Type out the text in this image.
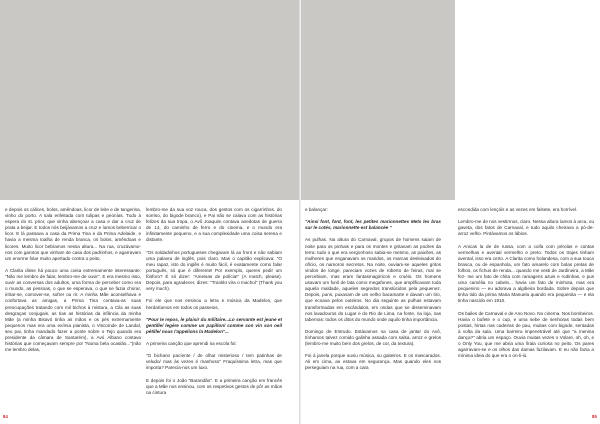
e depois os cálices, bolos, amêndoas, licor de leite e de tangerina, vinho do porto. A sala enfeitada com tulipas e peonías. Tudo à espera do st. prior, que vinha abençoar a casa e dar a cruz de prata a beijar. E todos nós beijávamos a cruz e íamos beberricar o licor. E lá passava a casa da Prima Tina e da Prima Adelaide, e havia a mesma toalha de renda branca, os bolos, amêndoas e licores. Muito licor bebíamos nessa altura... Na rua, cruzávamo-nos com garotos que vinham de casa dos padrinhos, e agarravam um enorme folar muito apertado contra o peito.

A Clarita disse há pouco uma coisa extremamente interessante: "Não me lembro de falar, lembro-me de ouvir". E era mesmo isso, ouvir as conversas dos adultos, uma forma de perceber como era o mundo, as pessoas, o que se esperava, o que se fazia chorar, irritar-se, comover-se, sofrer ou rir. A minha Mãe aconselhava e confortava as amigas, a Prima Tina contava-as suas preocupações tratando com mil bichos à mistura, a Cila as suas desgraças conjugais, as tias as histórias da infância da minha Mãe (a minha Bisavó tinha as mãos e os pés extremamente pequenos mas era uma exímia pianista, o Viscomde de Landal, seu pai, tinha mandado fazer a ponte sobre o Tejo quando era presidente da câmara de Santarém), a Avó Albano contava histórias que começavam sempre por "Numa bela ocasião..."(não me lembro delas,

lembro-me da sua voz rouca, dos gestos com os cigarrinhos, do sorriso, do bigode branco), e Pai não se calava com as histórias felizes da sua tropa, o Avô Joaquim contava anedotas de guerra de 14, do caminho de ferro e do cinema, e o mundo era infinitamente pequeno, e a sua complexidade uma coisa serena e distante.

"Os soldadinhos portugueses chegavam lá ao front e não sabiam uma palavra de inglês, pois claro. Mas o capitão explicava: "O meu rapaz, isto do inglês é muito fácil, é exatamente como falar português, só que é diferente! Por exemplo, queres pedir um fósforo? É só dizer: "Ameisas de polícia!" (A match, please). Depois, para agradecer, dizes: "Tranklü vira o machol" (Thank you very much).

Foi ele que nos ensinou a letra e música da Madelon, que herdaríamos em todos os passeios,

"Pour le repos, le plaisir du militaire...Lo servante est jeune et gentille/ legère comme un papillon/ comme son vin son oeil pétille/ nous l'appelions la Madelon"...

A primeira canção que aprendi na escola foi:

"O bichano pacíente / de olhar misterioso / tem patinhas de veludo/ mas às vezes é manhoso" Fraquíssima letra, mas que importa? Parecia-nos um luxo.

E depois foi o João "Barandão". E a primeira canção em francês que a Mãe nos ensinou, com os respetivos gestos de pôr as mãos na cintura

84

e balançar:

"Ainsi font, font, font, les petites marionnettes Mets les bras sur le cotés, marionnette est balancée "

As pulhas. Na altura do Carnaval, grupos de homens saiam de noite para os pinhais e para os montes e gritavam as podres da terra: tudo o que era vergonhoso sabia-se mesmo, as paixões, as mulheres que enganavam os maridos, os marcas desleixados do ofício, os namoros secretos. Na noite, ouviam-se aqueles gritos vindos de longe, pareciam vozes de roberto de feiras, mal se percebiam, mas eram fantasmagóricos e cruéis. Os homens usavam um funil de lata como megafones, que amplificavam toda aquela maldade, aqueles segredos translúcidos pela pequenez. Depois, puns, puxavam de um velho bacamarte e davam um tiro, que ecoava pelos outeiros. No dia seguinte as pulhas estavam transformadas em escândalos, em ondas que se disseminavam nos lavadouros do Lugar e do Rio de Lima, na fonte, na loja, nas tabernas: todos os ditos do mundo onde aquilo tinha importância.

Domingo de Entrudo. Estávamos na casa de jantar do Avô, tínhamos talvez comido galinha assada com salsa, arroz e grelos (lembro-me muito bem dos grelos, de cor, da textura).

Foi à janela porque ouviu música, ou gaiteiros. E os mascarados. Ali em cima, ao estava em segurança. Mas quando eles nos perseguiam na rua, com a cara

escondida com lençóis e as vezes em falsete, era horrível.

Lembro-me de nos vestirmos, claro. Nessa altura íamos à arca, ou gaveta, dos fatos de Carnaval, e tudo aquilo cheirava a pó-de-arroz velho. Pintávamos os lábios.

A Anicas la de de russa, com a coifa com pérolas e contas vermelhas e avental vermelho e preto. Todos os trajes tinham avental, isso era certo. A Clarita como holandesa, com a sua touca branca, ou de espanhola, um fato amarelo com bolas pretas de folhos, os fichus de renda... quando me vesti de Jardineira, a Mãe fez- me um fato de chita com ramagens azuis e rodinhas, e pus uma camélia no cabelo... havia um fato de minhota, mas era pequenino — eu adorava a algibeira bordada. Sobre depois que tinha tido da prima Maria Manuela quando era pequenita — e ela tinha nascido em 1910.

Os bailes de Carnaval e de Ano Novo. No cinema. Nos bombeiros. Havia o bufete e o cup, e uma sebe de senhoras todas bem postas, hirtas nas cadeiras de pau, muitas com bigode, sentadas à volta da sala. Uma barreira impenetrável até que "a menina dança?" abria um espaço. Ouvia muitas vezes o Volare, oh, oh, e o Only You, que me abria uma lírala curiosa no peito. Os pares agarravam-se e os olhos das damas fuzilavam. E eu não fazia a mínima ideia do que era o on-li-iú.

85
